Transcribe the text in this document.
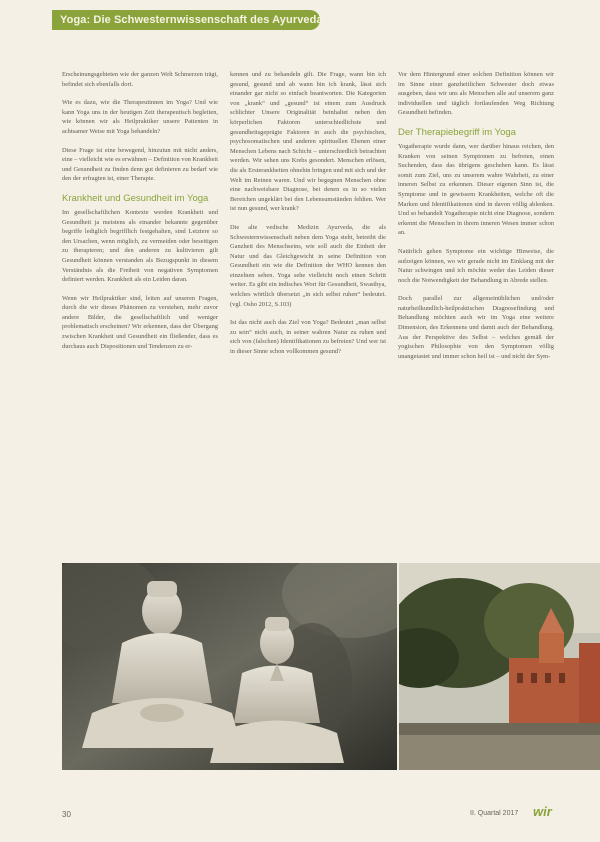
Yoga: Die Schwesternwissenschaft des Ayurveda

Erscheinungsgebieten wie der ganzen Welt Schmerzen trägt, befindet sich ebenfalls dort.

Wie es dazu, wie die Therapeutinnen im Yoga? Und wie kann Yoga uns in der heutigen Zeit therapeutisch begleiten, wie können wir als Heilpraktiker unsere Patienten in achtsamer Weise mit Yoga behandeln?

Diese Frage ist eine bewegend, hinzutun mit nicht anders, eine – vielleicht wie es erwähnen – Definition von Krankheit und Gesundheit zu finden denn gut definieren zu bedarf wie den der erfragten ist, einer Therapie.

Krankheit und Gesundheit im Yoga

Im gesellschaftlichen Kontexte werden Krankheit und Gesundheit ja meistens als einander bekannte gegenüber begriffe lediglich begrifflich festgehalten, sind Letztere so den Ursachen, wenn möglich, zu vermeiden oder beseitigen zu therapieren; und den anderen zu kultivieren gilt Gesundheit können verstanden als Bezugspunkt in diesem Verständnis als die Freiheit von negativen Symptomen definiert werden. Krankheit als ein Leiden daran.

Wenn wir Heilpraktiker sind, leiten auf unseren Fragen, durch die wir dieses Phänomen zu verstehen, mehr zuvor andere Bilder, die gesellschaftlich und weniger problematisch erscheinen? Wir erkennen, dass der Übergang zwischen Krankheit und Gesundheit ein fließender, dass es durchaus auch Dispositionen und Tendenzen zu er-

kennen und zu behandeln gilt. Die Frage, wann bin ich gesund, gesund und ab wann bin ich krank, lässt sich einander gar nicht so einfach beantworten. Die Kategorien von „krank“ und „gesund“ ist einem zum Ausdruck schlichter Unsere Originalität beinhaltet neben den körperlichen Faktoren unterschiedlichste und gesundheitsgeprägte Faktoren in auch die psychischen, psychosomatischen und anderen spirituellen Ebenen einer Menschen Lebens nach Schicht – unterschiedlich betrachten werden. Wir sehen uns Krebs gesondert. Menschen erlösen, die als Ersterankheiten ohnehin bringen und mit sich und der Welt im Reinen waren. Und wir begegnen Menschen ohne eine nachweisbare Diagnose, bei denen es in so vielen Bereichen ungeklärt bei den Lebensumständen fehlten. Wer ist nun gesund, wer krank?

Die alte vedische Medizin Ayurveda, die als Schwesternwissenschaft neben dem Yoga steht, betreibt die Ganzheit des Menschseins, wie soll auch die Einheit der Natur und das Gleichgewicht in seine Definition von Gesundheit ein wie die Definition der WHO kennen den einzelnen sehen. Yoga sehe vielleicht noch einen Schritt weiter. Es gibt ein indisches Wort für Gesundheit, Swasthya, welches wörtlich übersetzt „in sich selbst ruhen“ bedeutet. (vgl. Osho 2012, S.103)

Ist das nicht auch das Ziel von Yoga? Bedeutet „man selbst zu sein“ nicht auch, in seiner wahren Natur zu ruhen und sich von (falschen) Identifikationen zu befreien? Und wer ist in dieser Sinne schon vollkommen gesund?

Vor dem Hintergrund einer solchen Definition können wir im Sinne einer ganzheitlichen Schwester doch etwas ausgeben, dass wir uns als Menschen alle auf unserem ganz individuellen und täglich fortlaufenden Weg Richtung Gesundheit befinden.

Der Therapiebegriff im Yoga

Yogatherapie wurde dann, wer darüber hinaus reichen, den Kranken von seinen Symptomen zu befreien, einen Suchenden, dass das übrigens geschehen kann. Es lässt somit zum Ziel, uns zu unserem wahre Wahrheit, zu einer inneren Selbst zu erkennen. Dieser eigenen Sinn ist, die Symptome und in gewissem Krankheiten, welche oft die Marken und Identifikationen sind in davon völlig ablenken. Und so behandelt Yogatherapie nicht eine Diagnose, sondern erkennt die Menschen in ihrem inneren Wesen immer schon an.

Natürlich gehen Symptome ein wichtige Hinweise, die aufzeigen können, wo wir gerade nicht im Einklang mit der Natur schwingen und ich möchte weder das Leiden dieser noch die Notwendigkeit der Behandlung in Abrede stellen.

Doch parallel zur allgemeinüblichen und/oder naturheilkundlich-heilpraktischen Diagnosefindung und Behandlung möchten auch wir im Yoga eine weitere Dimension, des Erkennens und damit auch der Behandlung. Aus der Perspektive des Selbst – welches gemäß der yogischen Philosophie von den Symptomen völlig unangetastet und immer schon heil ist – und nicht der Sym-

30	II. Quartal 2017 wir
